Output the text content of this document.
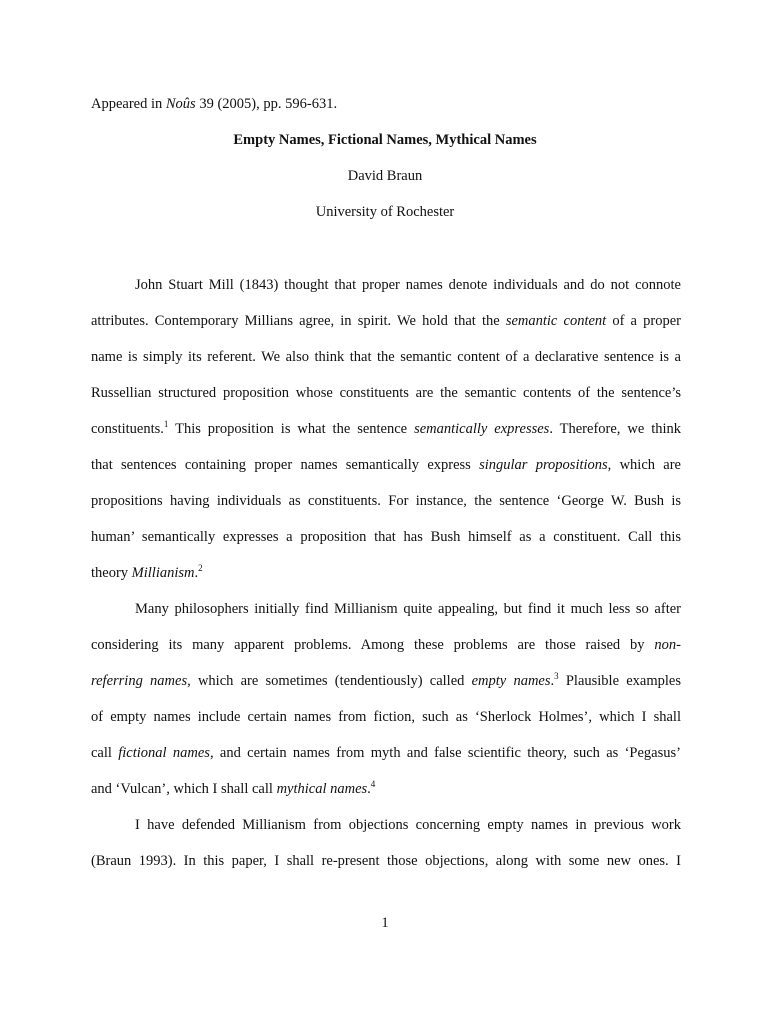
Appeared in Noûs 39 (2005), pp. 596-631.
Empty Names, Fictional Names, Mythical Names
David Braun
University of Rochester
John Stuart Mill (1843) thought that proper names denote individuals and do not connote
attributes. Contemporary Millians agree, in spirit. We hold that the semantic content of a proper
name is simply its referent. We also think that the semantic content of a declarative sentence is a
Russellian structured proposition whose constituents are the semantic contents of the sentence’s
constituents.$^1$ This proposition is what the sentence semantically expresses. Therefore, we think
that sentences containing proper names semantically express singular propositions, which are
propositions having individuals as constituents. For instance, the sentence ‘George W. Bush is
human’ semantically expresses a proposition that has Bush himself as a constituent. Call this
theory Millianism.$^2$
Many philosophers initially find Millianism quite appealing, but find it much less so after
considering its many apparent problems. Among these problems are those raised by non-
referring names, which are sometimes (tendentiously) called empty names.$^3$ Plausible examples
of empty names include certain names from fiction, such as ‘Sherlock Holmes’, which I shall
call fictional names, and certain names from myth and false scientific theory, such as ‘Pegasus’
and ‘Vulcan’, which I shall call mythical names.$^4$
I have defended Millianism from objections concerning empty names in previous work
(Braun 1993). In this paper, I shall re-present those objections, along with some new ones. I
1
